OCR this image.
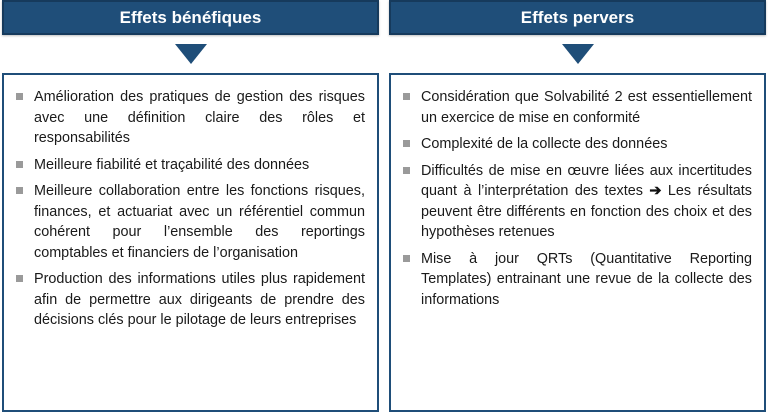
Effets bénéfiques
Amélioration des pratiques de gestion des risques avec une définition claire des rôles et responsabilités
Meilleure fiabilité et traçabilité des données
Meilleure collaboration entre les fonctions risques, finances, et actuariat avec un référentiel commun cohérent pour l’ensemble des reportings comptables et financiers de l’organisation
Production des informations utiles plus rapidement afin de permettre aux dirigeants de prendre des décisions clés pour le pilotage de leurs entreprises
Effets pervers
Considération que Solvabilité 2 est essentiellement un exercice de mise en conformité
Complexité de la collecte des données
Difficultés de mise en œuvre liées aux incertitudes quant à l’interprétation des textes ➔ Les résultats peuvent être différents en fonction des choix et des hypothèses retenues
Mise à jour QRTs (Quantitative Reporting Templates) entrainant une revue de la collecte des informations
